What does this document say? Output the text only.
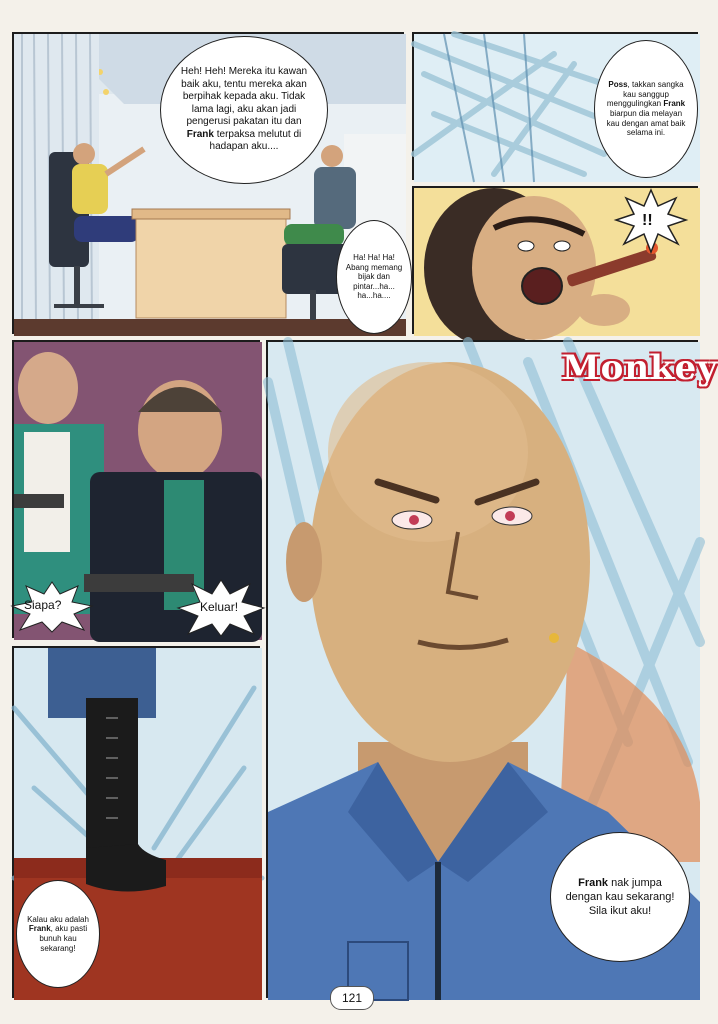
Heh! Heh! Mereka itu kawan baik aku, tentu mereka akan berpihak kepada aku. Tidak lama lagi, aku akan jadi pengerusi pakatan itu dan Frank terpaksa melutut di hadapan aku....
Ha! Ha! Ha! Abang memang bijak dan pintar...ha... ha...ha....
Poss, takkan sangka kau sanggup menggulingkan Frank biarpun dia melayan kau dengan amat baik selama ini.
!!
Siapa?	Keluar!
Kalau aku adalah Frank, aku pasti bunuh kau sekarang!
Monkey
Frank nak jumpa dengan kau sekarang! Sila ikut aku!
121
